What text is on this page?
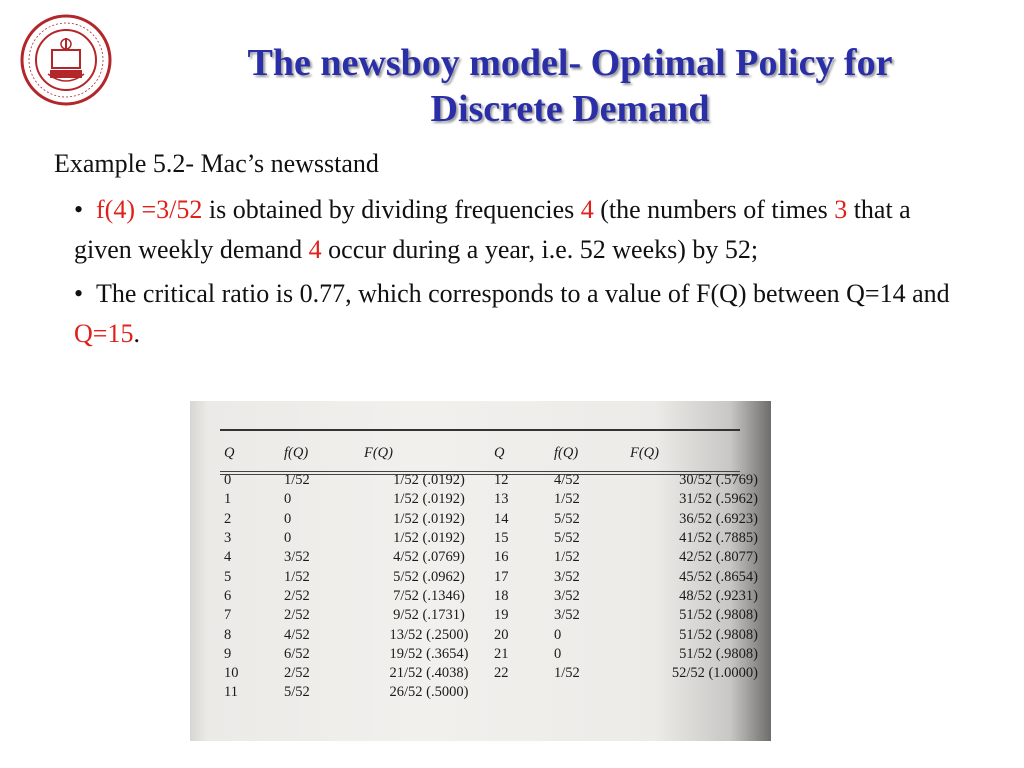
The newsboy model- Optimal Policy for
Discrete Demand
Example 5.2- Mac’s newsstand
• f(4) =3/52 is obtained by dividing frequencies 4 (the numbers of times 3 that a given weekly demand 4 occur during a year, i.e. 52 weeks) by 52;
• The critical ratio is 0.77, which corresponds to a value of F(Q) between Q=14 and Q=15.
Q	f(Q)	F(Q)	Q	f(Q)	F(Q)
0	1/52	1/52 (.0192)	12	4/52	30/52 (.5769)
1	0	1/52 (.0192)	13	1/52	31/52 (.5962)
2	0	1/52 (.0192)	14	5/52	36/52 (.6923)
3	0	1/52 (.0192)	15	5/52	41/52 (.7885)
4	3/52	4/52 (.0769)	16	1/52	42/52 (.8077)
5	1/52	5/52 (.0962)	17	3/52	45/52 (.8654)
6	2/52	7/52 (.1346)	18	3/52	48/52 (.9231)
7	2/52	9/52 (.1731)	19	3/52	51/52 (.9808)
8	4/52	13/52 (.2500)	20	0	51/52 (.9808)
9	6/52	19/52 (.3654)	21	0	51/52 (.9808)
10	2/52	21/52 (.4038)	22	1/52	52/52 (1.0000)
11	5/52	26/52 (.5000)			
